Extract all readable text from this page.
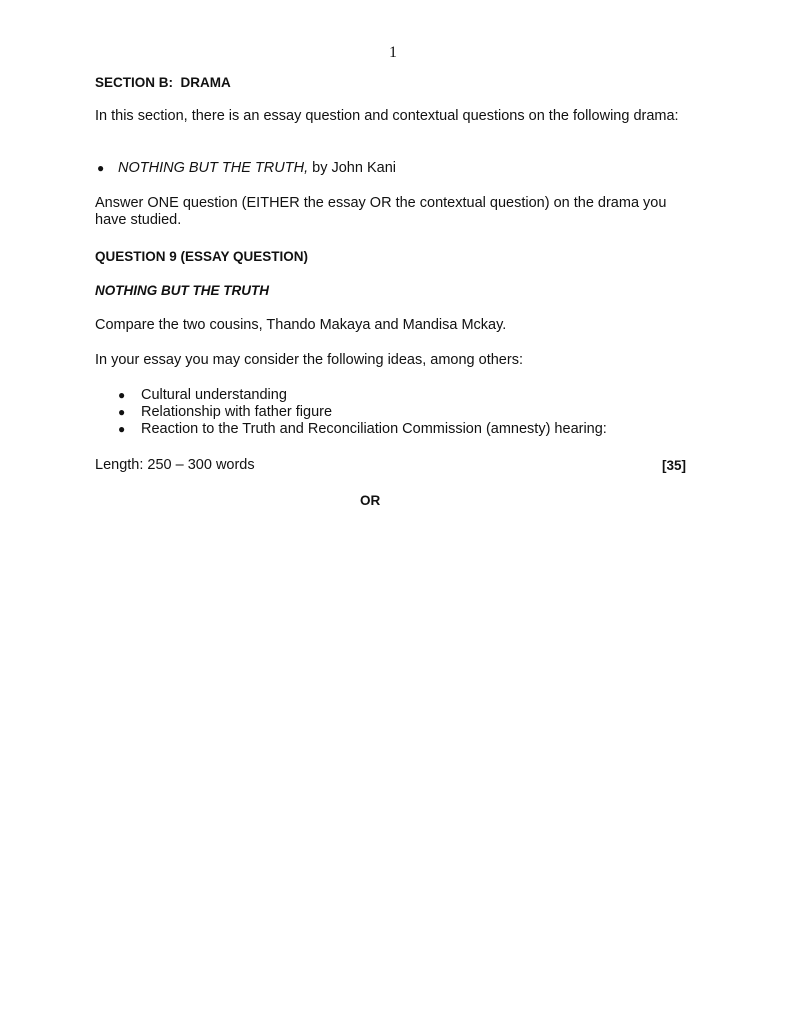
1
SECTION B:  DRAMA
In this section, there is an essay question and contextual questions on the following drama:
● NOTHING BUT THE TRUTH, by John Kani
Answer ONE question (EITHER the essay OR the contextual question) on the drama you have studied.
QUESTION 9 (ESSAY QUESTION)
NOTHING BUT THE TRUTH
Compare the two cousins, Thando Makaya and Mandisa Mckay.
In your essay you may consider the following ideas, among others:
● Cultural understanding
● Relationship with father figure
● Reaction to the Truth and Reconciliation Commission (amnesty) hearing:
Length: 250 – 300 words	[35]
OR
